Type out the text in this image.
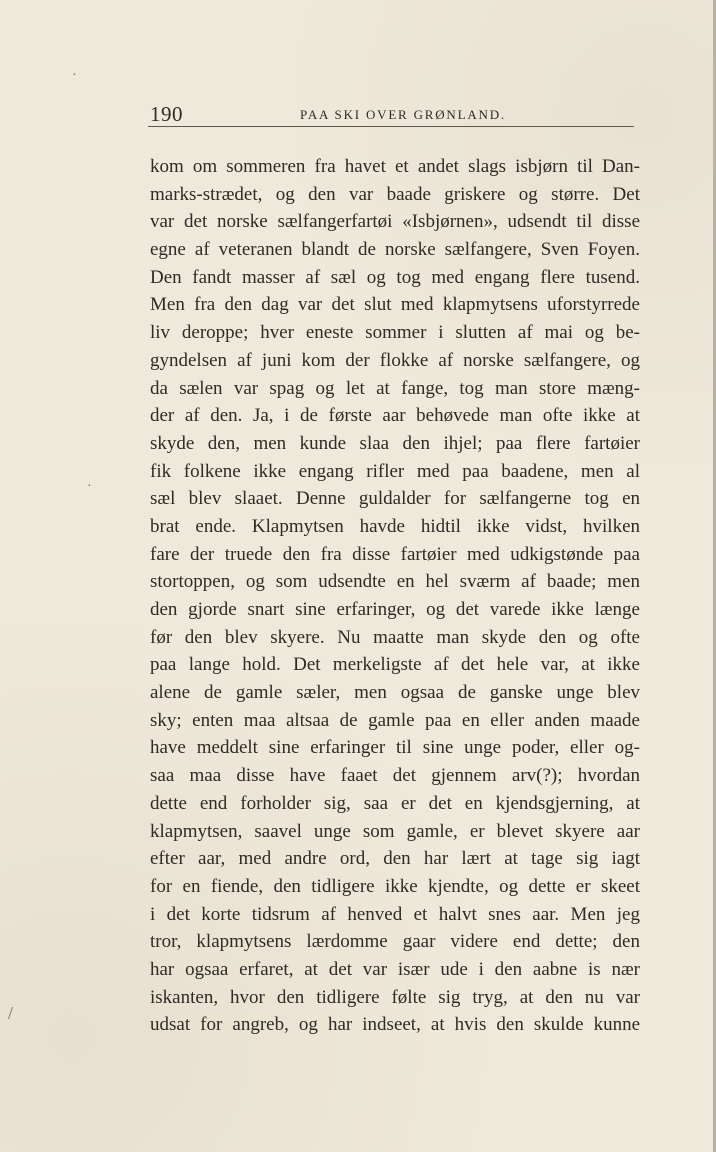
·
·
/
190	PAA SKI OVER GRØNLAND.
kom om sommeren fra havet et andet slags isbjørn til Dan-
marks-strædet, og den var baade griskere og større. Det
var det norske sælfangerfartøi «Isbjørnen», udsendt til disse
egne af veteranen blandt de norske sælfangere, Sven Foyen.
Den fandt masser af sæl og tog med engang flere tusend.
Men fra den dag var det slut med klapmytsens uforstyrrede
liv deroppe; hver eneste sommer i slutten af mai og be-
gyndelsen af juni kom der flokke af norske sælfangere, og
da sælen var spag og let at fange, tog man store mæng-
der af den. Ja, i de første aar behøvede man ofte ikke at
skyde den, men kunde slaa den ihjel; paa flere fartøier
fik folkene ikke engang rifler med paa baadene, men al
sæl blev slaaet. Denne guldalder for sælfangerne tog en
brat ende. Klapmytsen havde hidtil ikke vidst, hvilken
fare der truede den fra disse fartøier med udkigstønde paa
stortoppen, og som udsendte en hel sværm af baade; men
den gjorde snart sine erfaringer, og det varede ikke længe
før den blev skyere. Nu maatte man skyde den og ofte
paa lange hold. Det merkeligste af det hele var, at ikke
alene de gamle sæler, men ogsaa de ganske unge blev
sky; enten maa altsaa de gamle paa en eller anden maade
have meddelt sine erfaringer til sine unge poder, eller og-
saa maa disse have faaet det gjennem arv(?); hvordan
dette end forholder sig, saa er det en kjendsgjerning, at
klapmytsen, saavel unge som gamle, er blevet skyere aar
efter aar, med andre ord, den har lært at tage sig iagt
for en fiende, den tidligere ikke kjendte, og dette er skeet
i det korte tidsrum af henved et halvt snes aar. Men jeg
tror, klapmytsens lærdomme gaar videre end dette; den
har ogsaa erfaret, at det var især ude i den aabne is nær
iskanten, hvor den tidligere følte sig tryg, at den nu var
udsat for angreb, og har indseet, at hvis den skulde kunne
